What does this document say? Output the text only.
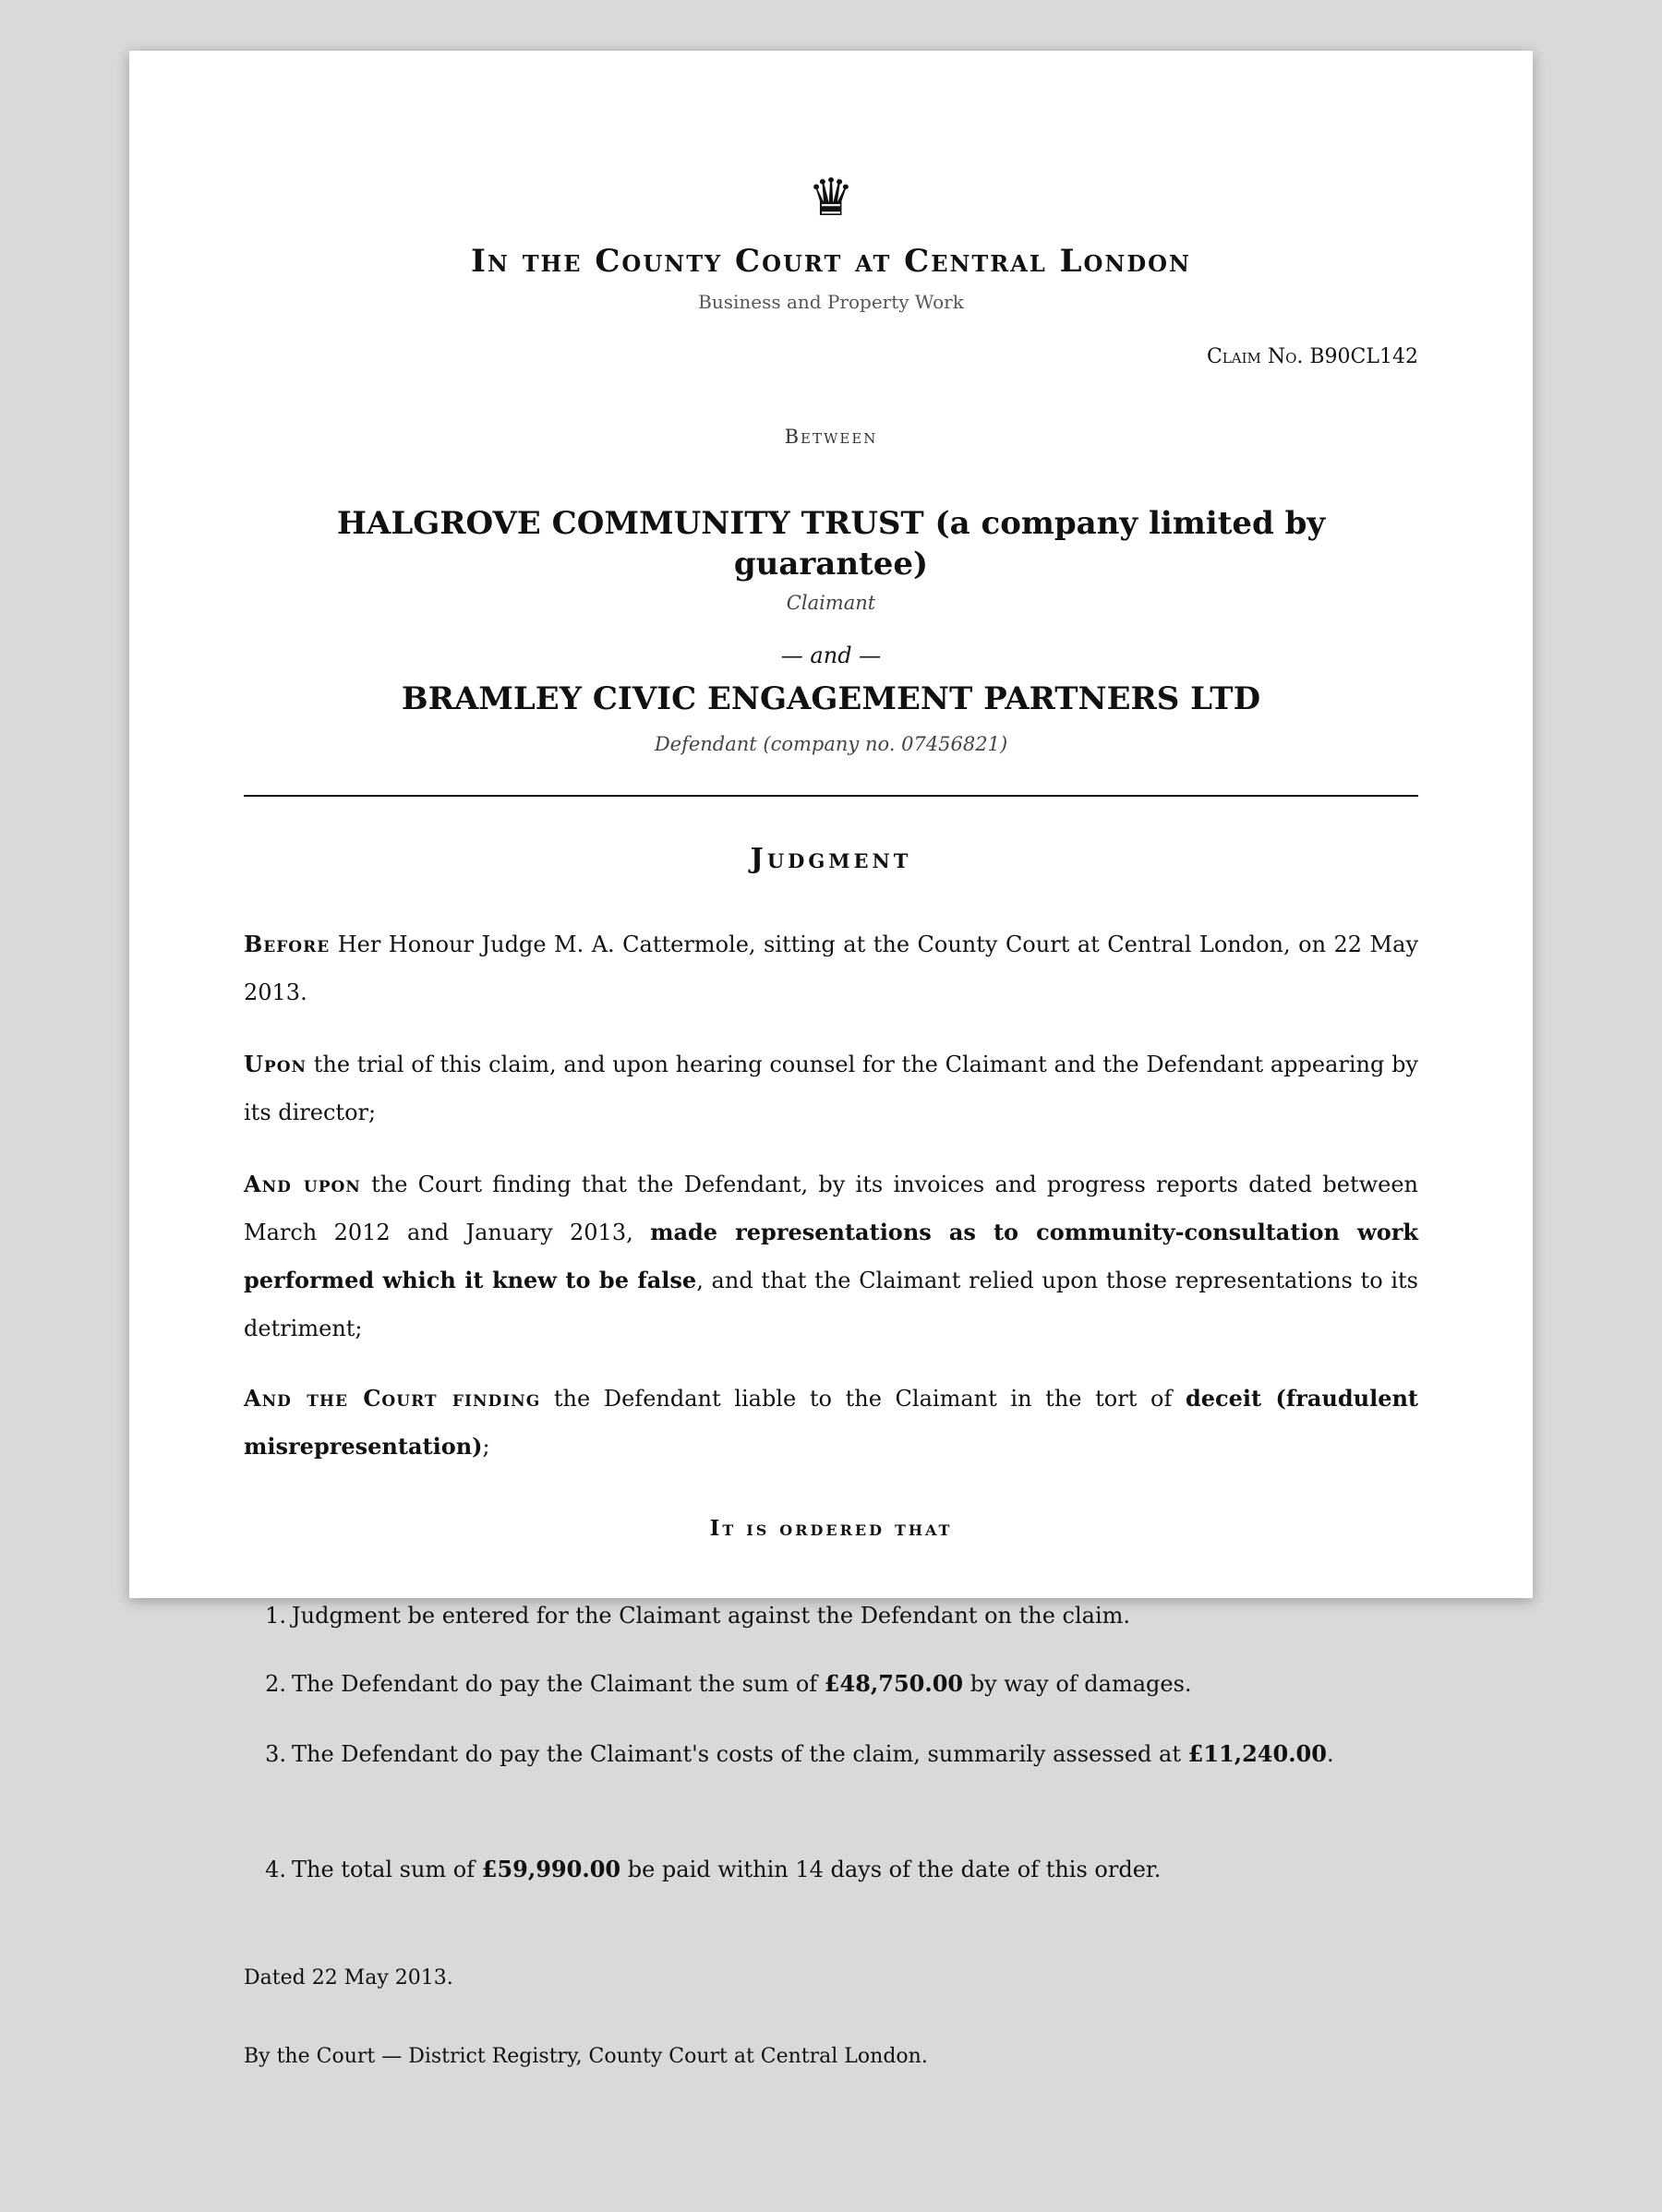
♛
In the County Court at Central London
Business and Property Work
Claim No. B90CL142
Between
HALGROVE COMMUNITY TRUST (a company limited by guarantee)
Claimant
— and —
BRAMLEY CIVIC ENGAGEMENT PARTNERS LTD
Defendant (company no. 07456821)
Judgment

Before Her Honour Judge M. A. Cattermole, sitting at the County Court at Central London, on 22 May 2013.

Upon the trial of this claim, and upon hearing counsel for the Claimant and the Defendant appearing by its director;

And upon the Court finding that the Defendant, by its invoices and progress reports dated between March 2012 and January 2013, made representations as to community-consultation work performed which it knew to be false, and that the Claimant relied upon those representations to its detriment;

And the Court finding the Defendant liable to the Claimant in the tort of deceit (fraudulent misrepresentation);

It is ordered that
1. Judgment be entered for the Claimant against the Defendant on the claim.
2. The Defendant do pay the Claimant the sum of £48,750.00 by way of damages.
3. The Defendant do pay the Claimant's costs of the claim, summarily assessed at £11,240.00.
4. The total sum of £59,990.00 be paid within 14 days of the date of this order.
Dated 22 May 2013.
By the Court — District Registry, County Court at Central London.
